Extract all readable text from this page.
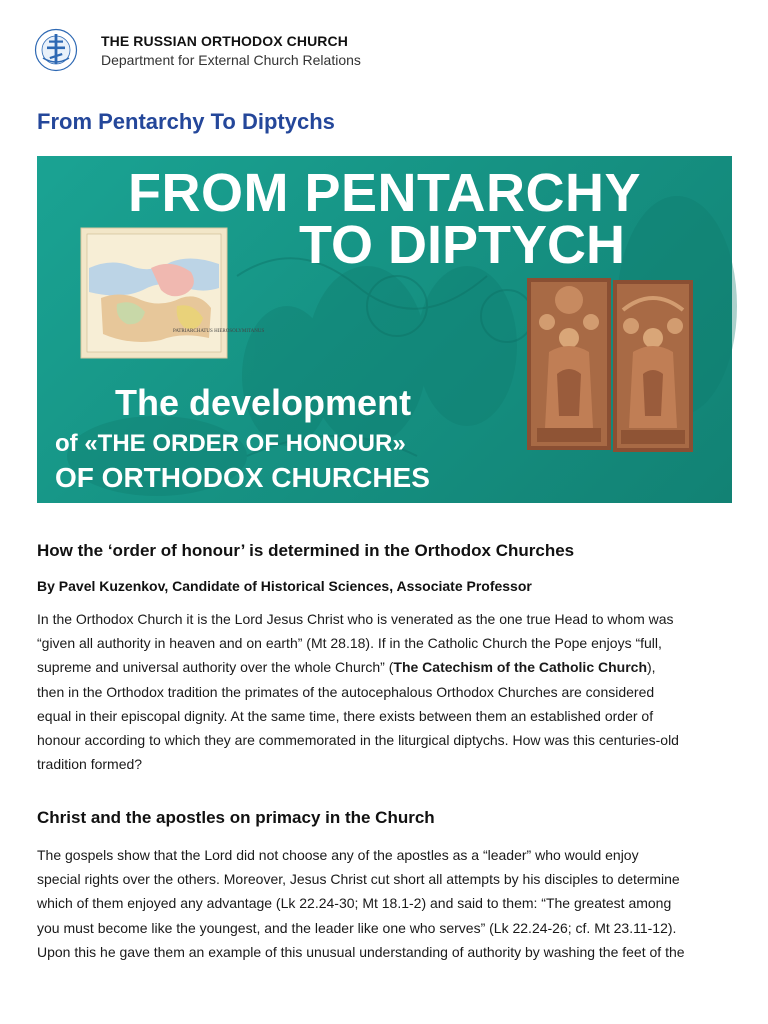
THE RUSSIAN ORTHODOX CHURCH
Department for External Church Relations
From Pentarchy To Diptychs
PATRIARCHATUS HIEROSOLYMITANUS
FROM PENTARCHY
TO DIPTYCH
The development
of «THE ORDER OF HONOUR»
OF ORTHODOX CHURCHES
How the ‘order of honour’ is determined in the Orthodox Churches
By Pavel Kuzenkov, Candidate of Historical Sciences, Associate Professor
In the Orthodox Church it is the Lord Jesus Christ who is venerated as the one true Head to whom was
“given all authority in heaven and on earth” (Mt 28.18). If in the Catholic Church the Pope enjoys “full,
supreme and universal authority over the whole Church” (The Catechism of the Catholic Church),
then in the Orthodox tradition the primates of the autocephalous Orthodox Churches are considered
equal in their episcopal dignity. At the same time, there exists between them an established order of
honour according to which they are commemorated in the liturgical diptychs. How was this centuries-old
tradition formed?
Christ and the apostles on primacy in the Church
The gospels show that the Lord did not choose any of the apostles as a “leader” who would enjoy
special rights over the others. Moreover, Jesus Christ cut short all attempts by his disciples to determine
which of them enjoyed any advantage (Lk 22.24-30; Mt 18.1-2) and said to them: “The greatest among
you must become like the youngest, and the leader like one who serves” (Lk 22.24-26; cf. Mt 23.11-12).
Upon this he gave them an example of this unusual understanding of authority by washing the feet of the
